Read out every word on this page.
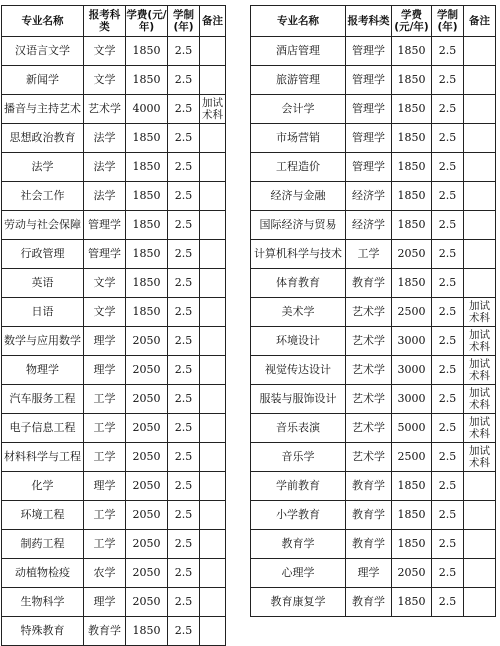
专业名称	报考科类	学费(元/年)	学制(年)	备注
汉语言文学	文学	1850	2.5	
新闻学	文学	1850	2.5	
播音与主持艺术	艺术学	4000	2.5	加试术科
思想政治教育	法学	1850	2.5	
法学	法学	1850	2.5	
社会工作	法学	1850	2.5	
劳动与社会保障	管理学	1850	2.5	
行政管理	管理学	1850	2.5	
英语	文学	1850	2.5	
日语	文学	1850	2.5	
数学与应用数学	理学	2050	2.5	
物理学	理学	2050	2.5	
汽车服务工程	工学	2050	2.5	
电子信息工程	工学	2050	2.5	
材料科学与工程	工学	2050	2.5	
化学	理学	2050	2.5	
环境工程	工学	2050	2.5	
制药工程	工学	2050	2.5	
动植物检疫	农学	2050	2.5	
生物科学	理学	2050	2.5	
特殊教育	教育学	1850	2.5	
专业名称	报考科类	学费(元/年)	学制(年)	备注
酒店管理	管理学	1850	2.5	
旅游管理	管理学	1850	2.5	
会计学	管理学	1850	2.5	
市场营销	管理学	1850	2.5	
工程造价	管理学	1850	2.5	
经济与金融	经济学	1850	2.5	
国际经济与贸易	经济学	1850	2.5	
计算机科学与技术	工学	2050	2.5	
体育教育	教育学	1850	2.5	
美术学	艺术学	2500	2.5	加试术科
环境设计	艺术学	3000	2.5	加试术科
视觉传达设计	艺术学	3000	2.5	加试术科
服装与服饰设计	艺术学	3000	2.5	加试术科
音乐表演	艺术学	5000	2.5	加试术科
音乐学	艺术学	2500	2.5	加试术科
学前教育	教育学	1850	2.5	
小学教育	教育学	1850	2.5	
教育学	教育学	1850	2.5	
心理学	理学	2050	2.5	
教育康复学	教育学	1850	2.5	
